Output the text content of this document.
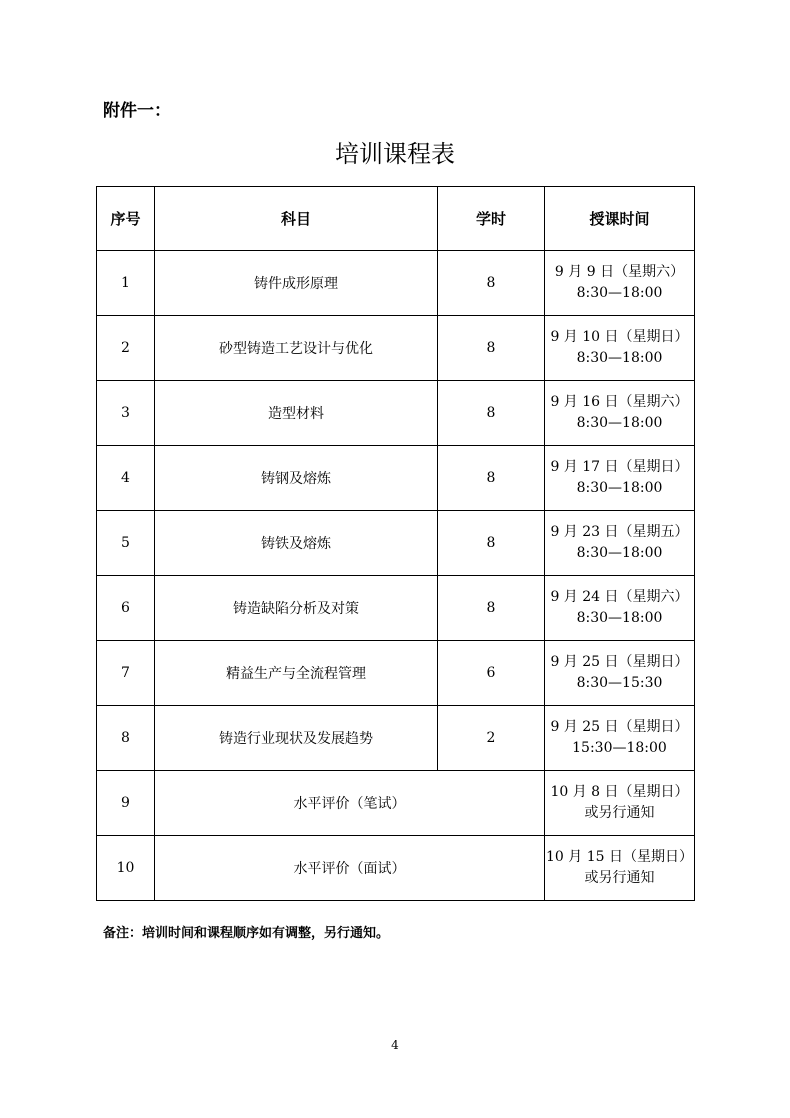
附件一：
培训课程表
序号	科目	学时	授课时间
1	铸件成形原理	8	9 月 9 日（星期六）
8:30—18:00

2	砂型铸造工艺设计与优化	8	9 月 10 日（星期日）
8:30—18:00

3	造型材料	8	9 月 16 日（星期六）
8:30—18:00

4	铸钢及熔炼	8	9 月 17 日（星期日）
8:30—18:00

5	铸铁及熔炼	8	9 月 23 日（星期五）
8:30—18:00

6	铸造缺陷分析及对策	8	9 月 24 日（星期六）
8:30—18:00

7	精益生产与全流程管理	6	9 月 25 日（星期日）
8:30—15:30

8	铸造行业现状及发展趋势	2	9 月 25 日（星期日）
15:30—18:00

9	水平评价（笔试）		10 月 8 日（星期日）
或另行通知

10	水平评价（面试）		10 月 15 日（星期日）
或另行通知
备注：培训时间和课程顺序如有调整，另行通知。
4
